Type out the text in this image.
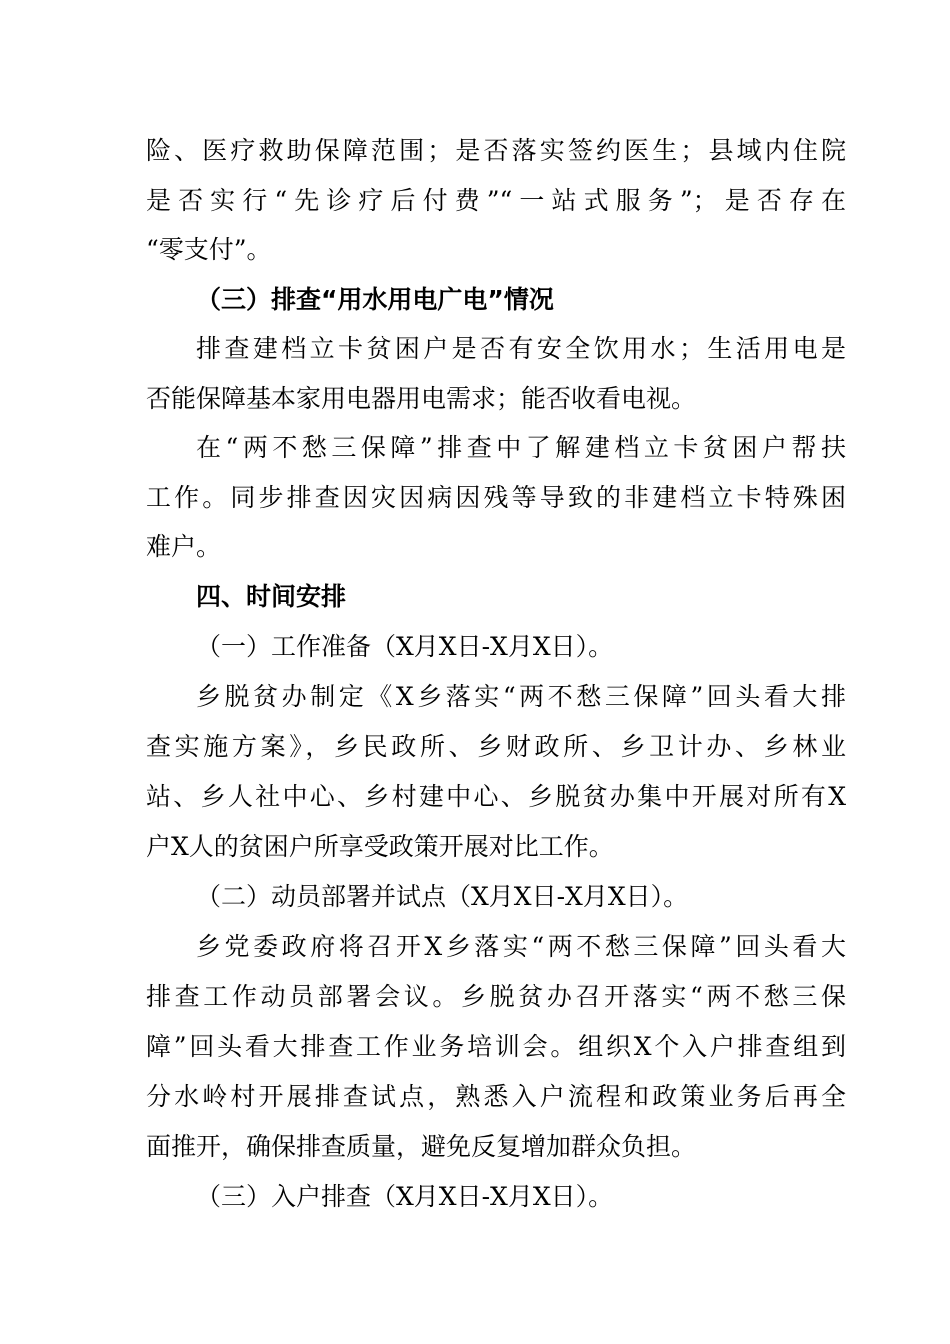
险、医疗救助保障范围；是否落实签约医生；县域内住院
是否实行“先诊疗后付费”“一站式服务”；是否存在
“零支付”。
（三）排查“用水用电广电”情况
排查建档立卡贫困户是否有安全饮用水；生活用电是
否能保障基本家用电器用电需求；能否收看电视。
在“两不愁三保障”排查中了解建档立卡贫困户帮扶
工作。同步排查因灾因病因残等导致的非建档立卡特殊困
难户。
四、时间安排
（一）工作准备（X月X日-X月X日）。
乡脱贫办制定《X乡落实“两不愁三保障”回头看大排
查实施方案》，乡民政所、乡财政所、乡卫计办、乡林业
站、乡人社中心、乡村建中心、乡脱贫办集中开展对所有X
户X人的贫困户所享受政策开展对比工作。
（二）动员部署并试点（X月X日-X月X日）。
乡党委政府将召开X乡落实“两不愁三保障”回头看大
排查工作动员部署会议。乡脱贫办召开落实“两不愁三保
障”回头看大排查工作业务培训会。组织X个入户排查组到
分水岭村开展排查试点，熟悉入户流程和政策业务后再全
面推开，确保排查质量，避免反复增加群众负担。
（三）入户排查（X月X日-X月X日）。
